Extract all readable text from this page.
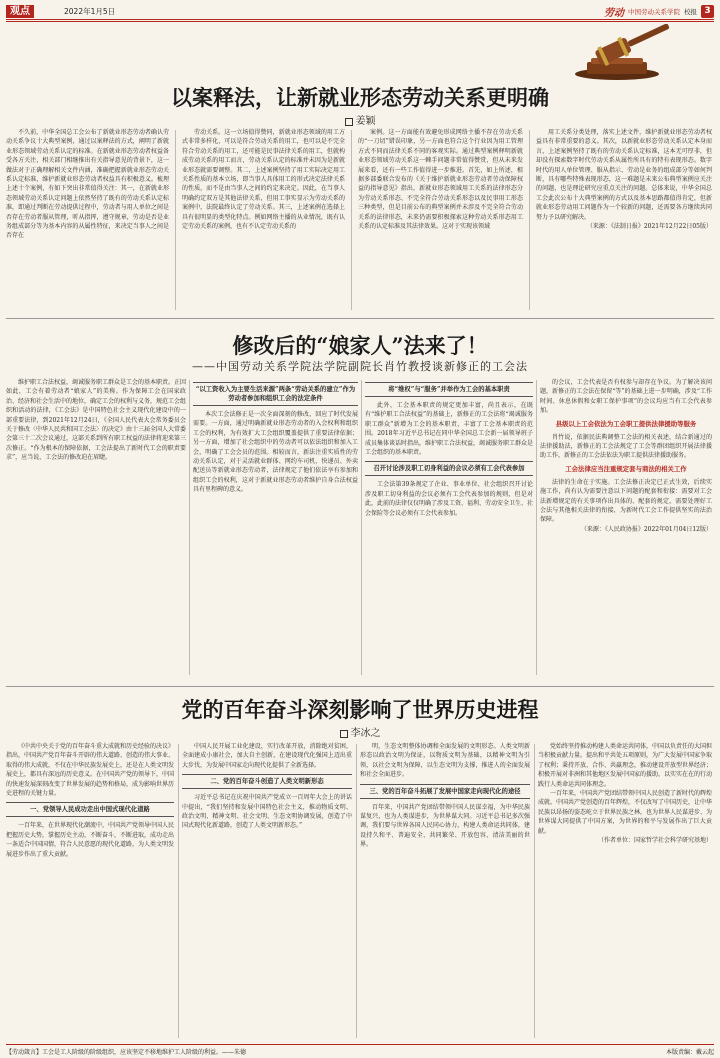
观点	2022年1月5日	劳动 中国劳动关系学院 校报 3
以案释法，让新就业形态劳动关系更明确
姜颖

不久前，中华全国总工会公布了新就业形态劳动者确认劳动关系争议十大典型案例，通过以案释法的方式，阐明了新就业形态领域劳动关系认定的标准。在新就业形态劳动者权益备受各方关注，相关部门相继推出有关指导意见的背景下，这一做法对于正确理解相关文件内涵，准确把握新就业形态劳动关系认定标准，维护新就业形态劳动者权益具有积极意义。梳理上述十个案例，有如下突出非常值得关注：其一，在新就业形态领域劳动关系认定问题上依然坚持了既有的劳动关系认定标准，即通过判断在劳动提供过程中，劳动者与用人单位之间是否存在劳动者服从管理，听从指挥，遵守规章，劳动是否是业务组成部分等为基本内容的从属性特征，来决定当事人之间是否存在

劳动关系。这一立场值得赞同，新就业形态领域的用工方式非常多样化，可以是符合劳动关系的用工，也可以是不完全符合劳动关系的用工，还可能是民事法律关系的用工，但就构成劳动关系的用工而言，劳动关系认定的标准并未因为是新就业形态就需要调整。其二，上述案例坚持了用工实际决定用工关系性质的基本立场，即当事人具体用工的形式决定法律关系的性质，而不是由当事人之间的约定来决定。因此，在当事人明确约定双方是其他法律关系，但用工事实显示为劳动关系的案例中，法院最终认定了劳动关系。其三，上述案例在选择上具有很明显的类型化特点。例如网络主播的从业情况，既有认定劳动关系的案例，也有不认定劳动关系的

案例。这一方面能有效避免形成网络主播不存在劳动关系的“一刀切”错误印象，另一方面也符合这个行业因为用工管理方式不同而法律关系不同的客观实际。通过典型案例释明新就业形态领域劳动关系这一棘手问题非常值得赞赏，但从未来发展来看，还有一些工作值得进一步推进。首先，如上所述，根据多部委联合发布的《关于维护新就业形态劳动者劳动保障权益的指导意见》指出，新就业形态领域用工关系的法律形态分为劳动关系形态、不完全符合劳动关系形态以及民事用工形态三种类型，但是目前公布的典型案例并未涉及不完全符合劳动关系的法律形态，未来仍需要积极探索这种劳动关系形态用工关系的认定标准及其法律效果。这对于实现该领域

用工关系分类处理，落实上述文件，维护新就业形态劳动者权益具有非常重要的意义。其次，以新就业形态劳动关系认定本身而言，上述案例坚持了既有的劳动关系认定标准，这本无可厚非，但却没有探索数字时代劳动关系从属性所具有的特有表现形态。数字时代的用人单位管理、服从指示、劳动是业务的组成部分等如何判断，具有哪些特殊表现形态，这一难题是未来公布典型案例应关注的问题，也是理论研究应重点关注的问题。总体来说，中华全国总工会此次公布十大典型案例的方式以及基本思路都值得肯定，但新就业形态劳动用工问题作为一个较新的问题，还需要各方继续共同努力予以研究解决。

（来源：《法制日报》2021年12月22日05版）
修改后的“娘家人”法来了！
——中国劳动关系学院法学院副院长肖竹教授谈新修正的工会法

维护职工合法权益，竭诚服务职工群众是工会的基本职责。正因如此，工会有着劳动者“娘家人”的美称。作为保障工会在国家政治、经济和社会生活中的地位，确定工会的权利与义务，规范工会组织和活动的法律，《工会法》是中国特色社会主义现代化建设中的一部重要法律，到2021年12月24日，《全国人民代表大会常务委员会关于修改〈中华人民共和国工会法〉的决定》由十三届全国人大常委会第三十二次会议通过，这部关系到所有职工权益的法律将迎来第三次修正。“作为根本的保障依据，工会法提出了新时代工会的职责要求”，应当说，工会法的修改迫在眉睫。

“以工资收入为主要生活来源”两条“劳动关系的建立”作为劳动者参加和组织工会的法定条件

本次工会法修正是一次全面深刻的修改，回应了时代发展需要。一方面，通过明确新就业形态劳动者的入会权利和组织工会的权利，为有效扩大工会组织覆盖提供了重要法律依据；另一方面，增加了社会组织中的劳动者可以依法组织和加入工会，明确了工会会员的范围。相较而言，新法注重实质性的劳动关系认定，对于灵活就业群体、网约车司机、快递员、外卖配送员等新就业形态劳动者，法律规定了他们依法享有参加和组织工会的权利，这对于新就业形态劳动者维护自身合法权益具有里程碑的意义。

将“维权”与“服务”并举作为工会的基本职责

此外，工会基本职责的规定更加丰富，尚且表示，在既有“维护职工合法权益”的基础上，新修正的工会法将“竭诚服务职工群众”新增为工会的基本职责，丰富了工会基本职责的范围。2018年习近平总书记在同中华全国总工会新一届领导班子成员集体谈话时指出，维护职工合法权益，竭诚服务职工群众是工会组织的基本职责。

召开讨论涉及职工切身利益的会议必须有工会代表参加

工会法第39条规定了企业、事业单位、社会组织召开讨论涉及职工切身利益的会议必须有工会代表参加的规则，但是对此，此前的法律仅仅明确了涉及工资、福利、劳动安全卫生、社会保险等会议必须有工会代表参加。

的会议，工会代表是否有权参与却存在争议。为了解决该问题，新修正的工会法在保留“等”的基础上进一步明确，涉及“工作时间、休息休假和女职工保护事项”的会议均应当有工会代表参加。

县级以上工会依法为工会职工提供法律援助等服务

肖竹说，依据民法典调整工会法的相关表述，结合新通过的法律援助法，新修正的工会法规定了工会等群团组织开展法律援助工作，新修正的工会法依法为职工提供法律援助服务。

工会法律应当注重规定套与商法的相关工作

法律的生命在于实施。工会法修正决定已正式生效，后续实施工作，尚有认为需要注意以下问题的配套和衔接：需要对工会法新增规定的有关事项作出具体的、配套的规定，需要处理好工会法与其他相关法律的衔接，为新时代工会工作提供坚实的法治保障。

（来源：《人民政协报》2022年01月04日12版）
党的百年奋斗深刻影响了世界历史进程
李冰之

《中共中央关于党的百年奋斗重大成就和历史经验的决议》指出，中国共产党百年奋斗开辟的伟大道路、创造的伟大事业、取得的伟大成就，不仅在中华民族发展史上，还是在人类文明发展史上，都具有深远的历史意义。在中国共产党的领导下，中国的快速发展深刻改变了世界发展的趋势和格局，成为影响世界历史进程的关键力量。

一、党领导人民成功走出中国式现代化道路

一百年来，在世界现代化潮流中，中国共产党领导中国人民把握历史大势，掌握历史主动，不断奋斗，不断进取，成功走出一条适合中国国情，符合人民意愿的现代化道路，为人类文明发展进步作出了重大贡献。

中国人民开展工业化建设，实行改革开放，消除绝对贫困，全面建成小康社会，加大自主创新，在建设现代化强国上迈出重大步伐，为发展中国家走向现代化提供了全新选择。

二、党的百年奋斗创造了人类文明新形态

习近平总书记在庆祝中国共产党成立一百周年大会上的讲话中提出，“我们坚持和发展中国特色社会主义，推动物质文明、政治文明、精神文明、社会文明、生态文明协调发展，创造了中国式现代化新道路，创造了人类文明新形态。”

明，生态文明整体协调和全面发展的文明形态。人类文明新形态以政治文明为保证，以物质文明为基础，以精神文明为引领，以社会文明为保障，以生态文明为支撑，推进人的全面发展和社会全面进步。

三、党的百年奋斗拓展了发展中国家走向现代化的途径

百年来，中国共产党团结带领中国人民谋幸福，为中华民族谋复兴，也为人类谋进步，为世界谋大同。习近平总书记多次强调，我们要与世界各国人民同心协力，构建人类命运共同体，建设持久和平、普遍安全、共同繁荣、开放包容、清洁美丽的世界。

党始终坚持推动构建人类命运共同体，中国以负责任的大国担当积极贡献力量。提出和平共处五项原则，为广大发展中国家争取了权利；秉持开放、合作、共赢理念，推动建设开放型世界经济；积极开展对非洲和其他地区发展中国家的援助，以实实在在的行动践行人类命运共同体理念。

一百年来，中国共产党团结带领中国人民创造了新时代的辉煌成就。中国共产党创造的百年辉煌，不仅改写了中国历史，让中华民族以昂扬的姿态屹立于世界民族之林，也为世界人民谋进步、为世界谋大同提供了中国方案，为世界的和平与发展作出了巨大贡献。

（作者单位：国家哲学社会科学研究基地）
【劳动箴言】工会是工人阶级的阶级组织，应该坚定不移地维护工人阶级的利益。——朱德	本版责编：戴云起
